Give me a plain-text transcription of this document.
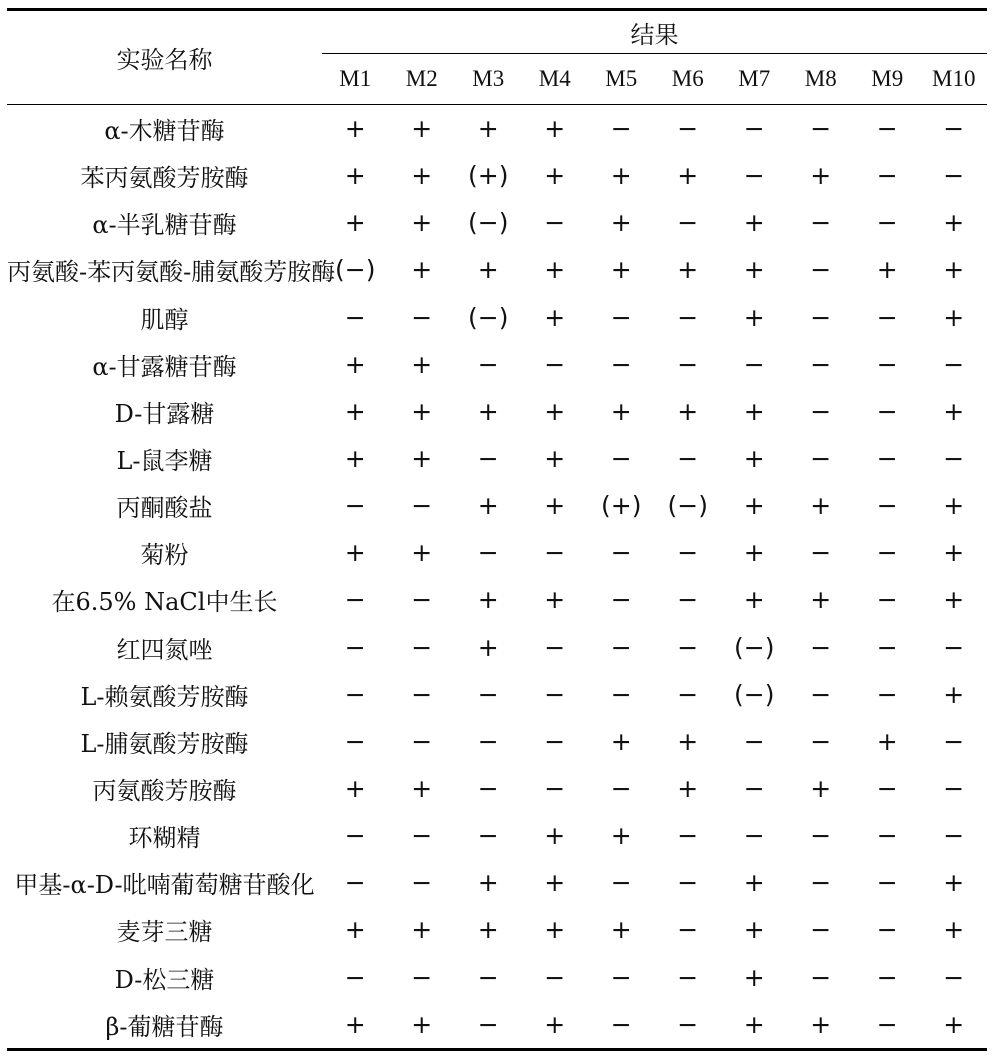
实验名称	结果									
	M1	M2	M3	M4	M5	M6	M7	M8	M9	M10
α-木糖苷酶	+	+	+	+	−	−	−	−	−	−
苯丙氨酸芳胺酶	+	+	(+)	+	+	+	−	+	−	−
α-半乳糖苷酶	+	+	(−)	−	+	−	+	−	−	+
丙氨酸-苯丙氨酸-脯氨酸芳胺酶	(−)	+	+	+	+	+	+	−	+	+
肌醇	−	−	(−)	+	−	−	+	−	−	+
α-甘露糖苷酶	+	+	−	−	−	−	−	−	−	−
D-甘露糖	+	+	+	+	+	+	+	−	−	+
L-鼠李糖	+	+	−	+	−	−	+	−	−	−
丙酮酸盐	−	−	+	+	(+)	(−)	+	+	−	+
菊粉	+	+	−	−	−	−	+	−	−	+
在6.5% NaCl中生长	−	−	+	+	−	−	+	+	−	+
红四氮唑	−	−	+	−	−	−	(−)	−	−	−
L-赖氨酸芳胺酶	−	−	−	−	−	−	(−)	−	−	+
L-脯氨酸芳胺酶	−	−	−	−	+	+	−	−	+	−
丙氨酸芳胺酶	+	+	−	−	−	+	−	+	−	−
环糊精	−	−	−	+	+	−	−	−	−	−
甲基-α-D-吡喃葡萄糖苷酸化	−	−	+	+	−	−	+	−	−	+
麦芽三糖	+	+	+	+	+	−	+	−	−	+
D-松三糖	−	−	−	−	−	−	+	−	−	−
β-葡糖苷酶	+	+	−	+	−	−	+	+	−	+
